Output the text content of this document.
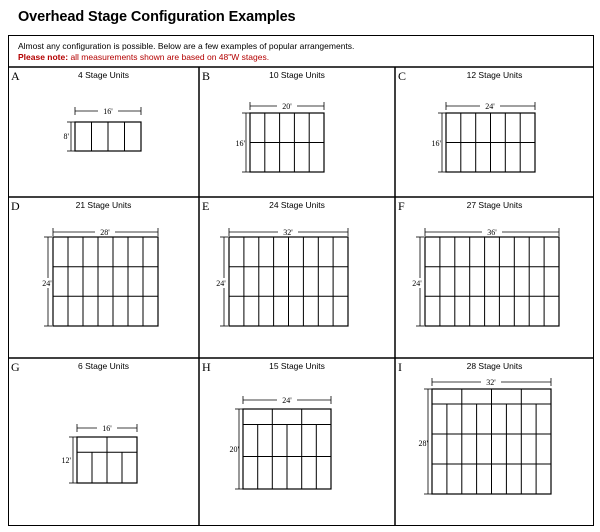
Overhead Stage Configuration Examples
Almost any configuration is possible. Below are a few examples of popular arrangements.
Please note: all measurements shown are based on 48"W stages.
A	4 Stage Units
16'
8'
B	10 Stage Units
20'
16'
C	12 Stage Units
24'
16'
D	21 Stage Units
28'
24'
E	24 Stage Units
32'
24'
F	27 Stage Units
36'
24'
G	6 Stage Units
16'
12'
H	15 Stage Units
24'
20'
I	28 Stage Units
32'
28'
